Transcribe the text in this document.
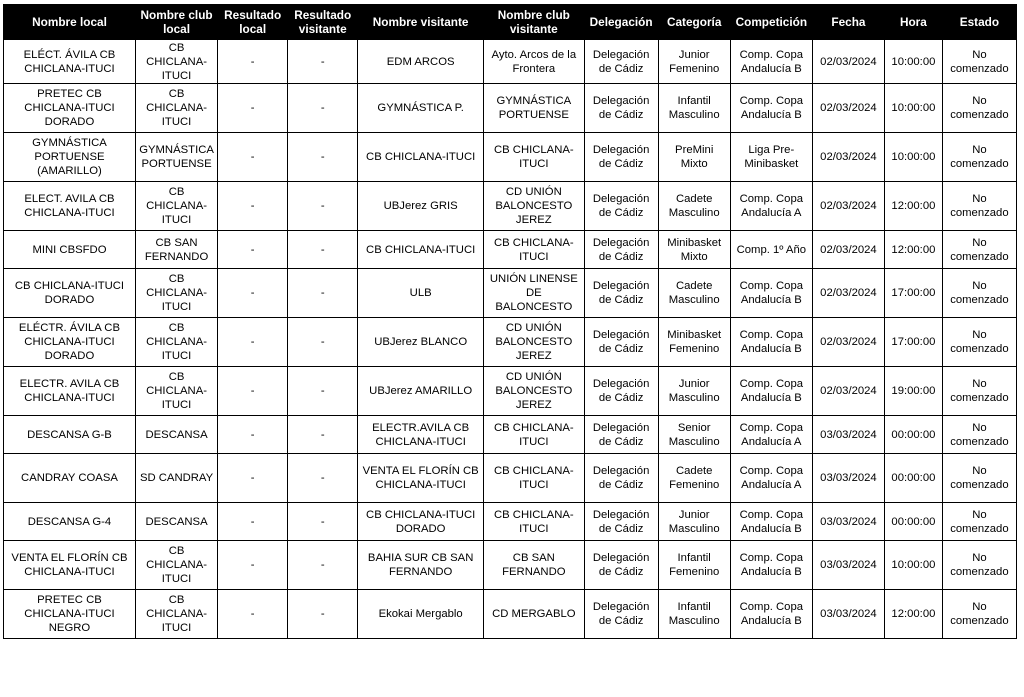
Nombre local	Nombre club local	Resultado local	Resultado visitante	Nombre visitante	Nombre club visitante	Delegación	Categoría	Competición	Fecha	Hora	Estado
ELÉCT. ÁVILA CB CHICLANA-ITUCI	CB CHICLANA-ITUCI	-	-	EDM ARCOS	Ayto. Arcos de la Frontera	Delegación de Cádiz	Junior Femenino	Comp. Copa Andalucía B	02/03/2024	10:00:00	No comenzado
PRETEC CB CHICLANA-ITUCI DORADO	CB CHICLANA-ITUCI	-	-	GYMNÁSTICA P.	GYMNÁSTICA PORTUENSE	Delegación de Cádiz	Infantil Masculino	Comp. Copa Andalucía B	02/03/2024	10:00:00	No comenzado
GYMNÁSTICA PORTUENSE (AMARILLO)	GYMNÁSTICA PORTUENSE	-	-	CB CHICLANA-ITUCI	CB CHICLANA-ITUCI	Delegación de Cádiz	PreMini Mixto	Liga Pre-Minibasket	02/03/2024	10:00:00	No comenzado
ELECT. AVILA CB CHICLANA-ITUCI	CB CHICLANA-ITUCI	-	-	UBJerez GRIS	CD UNIÓN BALONCESTO JEREZ	Delegación de Cádiz	Cadete Masculino	Comp. Copa Andalucía A	02/03/2024	12:00:00	No comenzado
MINI CBSFDO	CB SAN FERNANDO	-	-	CB CHICLANA-ITUCI	CB CHICLANA-ITUCI	Delegación de Cádiz	Minibasket Mixto	Comp. 1º Año	02/03/2024	12:00:00	No comenzado
CB CHICLANA-ITUCI DORADO	CB CHICLANA-ITUCI	-	-	ULB	UNIÓN LINENSE DE BALONCESTO	Delegación de Cádiz	Cadete Masculino	Comp. Copa Andalucía B	02/03/2024	17:00:00	No comenzado
ELÉCTR. ÁVILA CB CHICLANA-ITUCI DORADO	CB CHICLANA-ITUCI	-	-	UBJerez BLANCO	CD UNIÓN BALONCESTO JEREZ	Delegación de Cádiz	Minibasket Femenino	Comp. Copa Andalucía B	02/03/2024	17:00:00	No comenzado
ELECTR. AVILA CB CHICLANA-ITUCI	CB CHICLANA-ITUCI	-	-	UBJerez AMARILLO	CD UNIÓN BALONCESTO JEREZ	Delegación de Cádiz	Junior Masculino	Comp. Copa Andalucía B	02/03/2024	19:00:00	No comenzado
DESCANSA G-B	DESCANSA	-	-	ELECTR.AVILA CB CHICLANA-ITUCI	CB CHICLANA-ITUCI	Delegación de Cádiz	Senior Masculino	Comp. Copa Andalucía A	03/03/2024	00:00:00	No comenzado
CANDRAY COASA	SD CANDRAY	-	-	VENTA EL FLORÍN CB CHICLANA-ITUCI	CB CHICLANA-ITUCI	Delegación de Cádiz	Cadete Femenino	Comp. Copa Andalucía A	03/03/2024	00:00:00	No comenzado
DESCANSA G-4	DESCANSA	-	-	CB CHICLANA-ITUCI DORADO	CB CHICLANA-ITUCI	Delegación de Cádiz	Junior Masculino	Comp. Copa Andalucía B	03/03/2024	00:00:00	No comenzado
VENTA EL FLORÍN CB CHICLANA-ITUCI	CB CHICLANA-ITUCI	-	-	BAHIA SUR CB SAN FERNANDO	CB SAN FERNANDO	Delegación de Cádiz	Infantil Femenino	Comp. Copa Andalucía B	03/03/2024	10:00:00	No comenzado
PRETEC CB CHICLANA-ITUCI NEGRO	CB CHICLANA-ITUCI	-	-	Ekokai Mergablo	CD MERGABLO	Delegación de Cádiz	Infantil Masculino	Comp. Copa Andalucía B	03/03/2024	12:00:00	No comenzado
